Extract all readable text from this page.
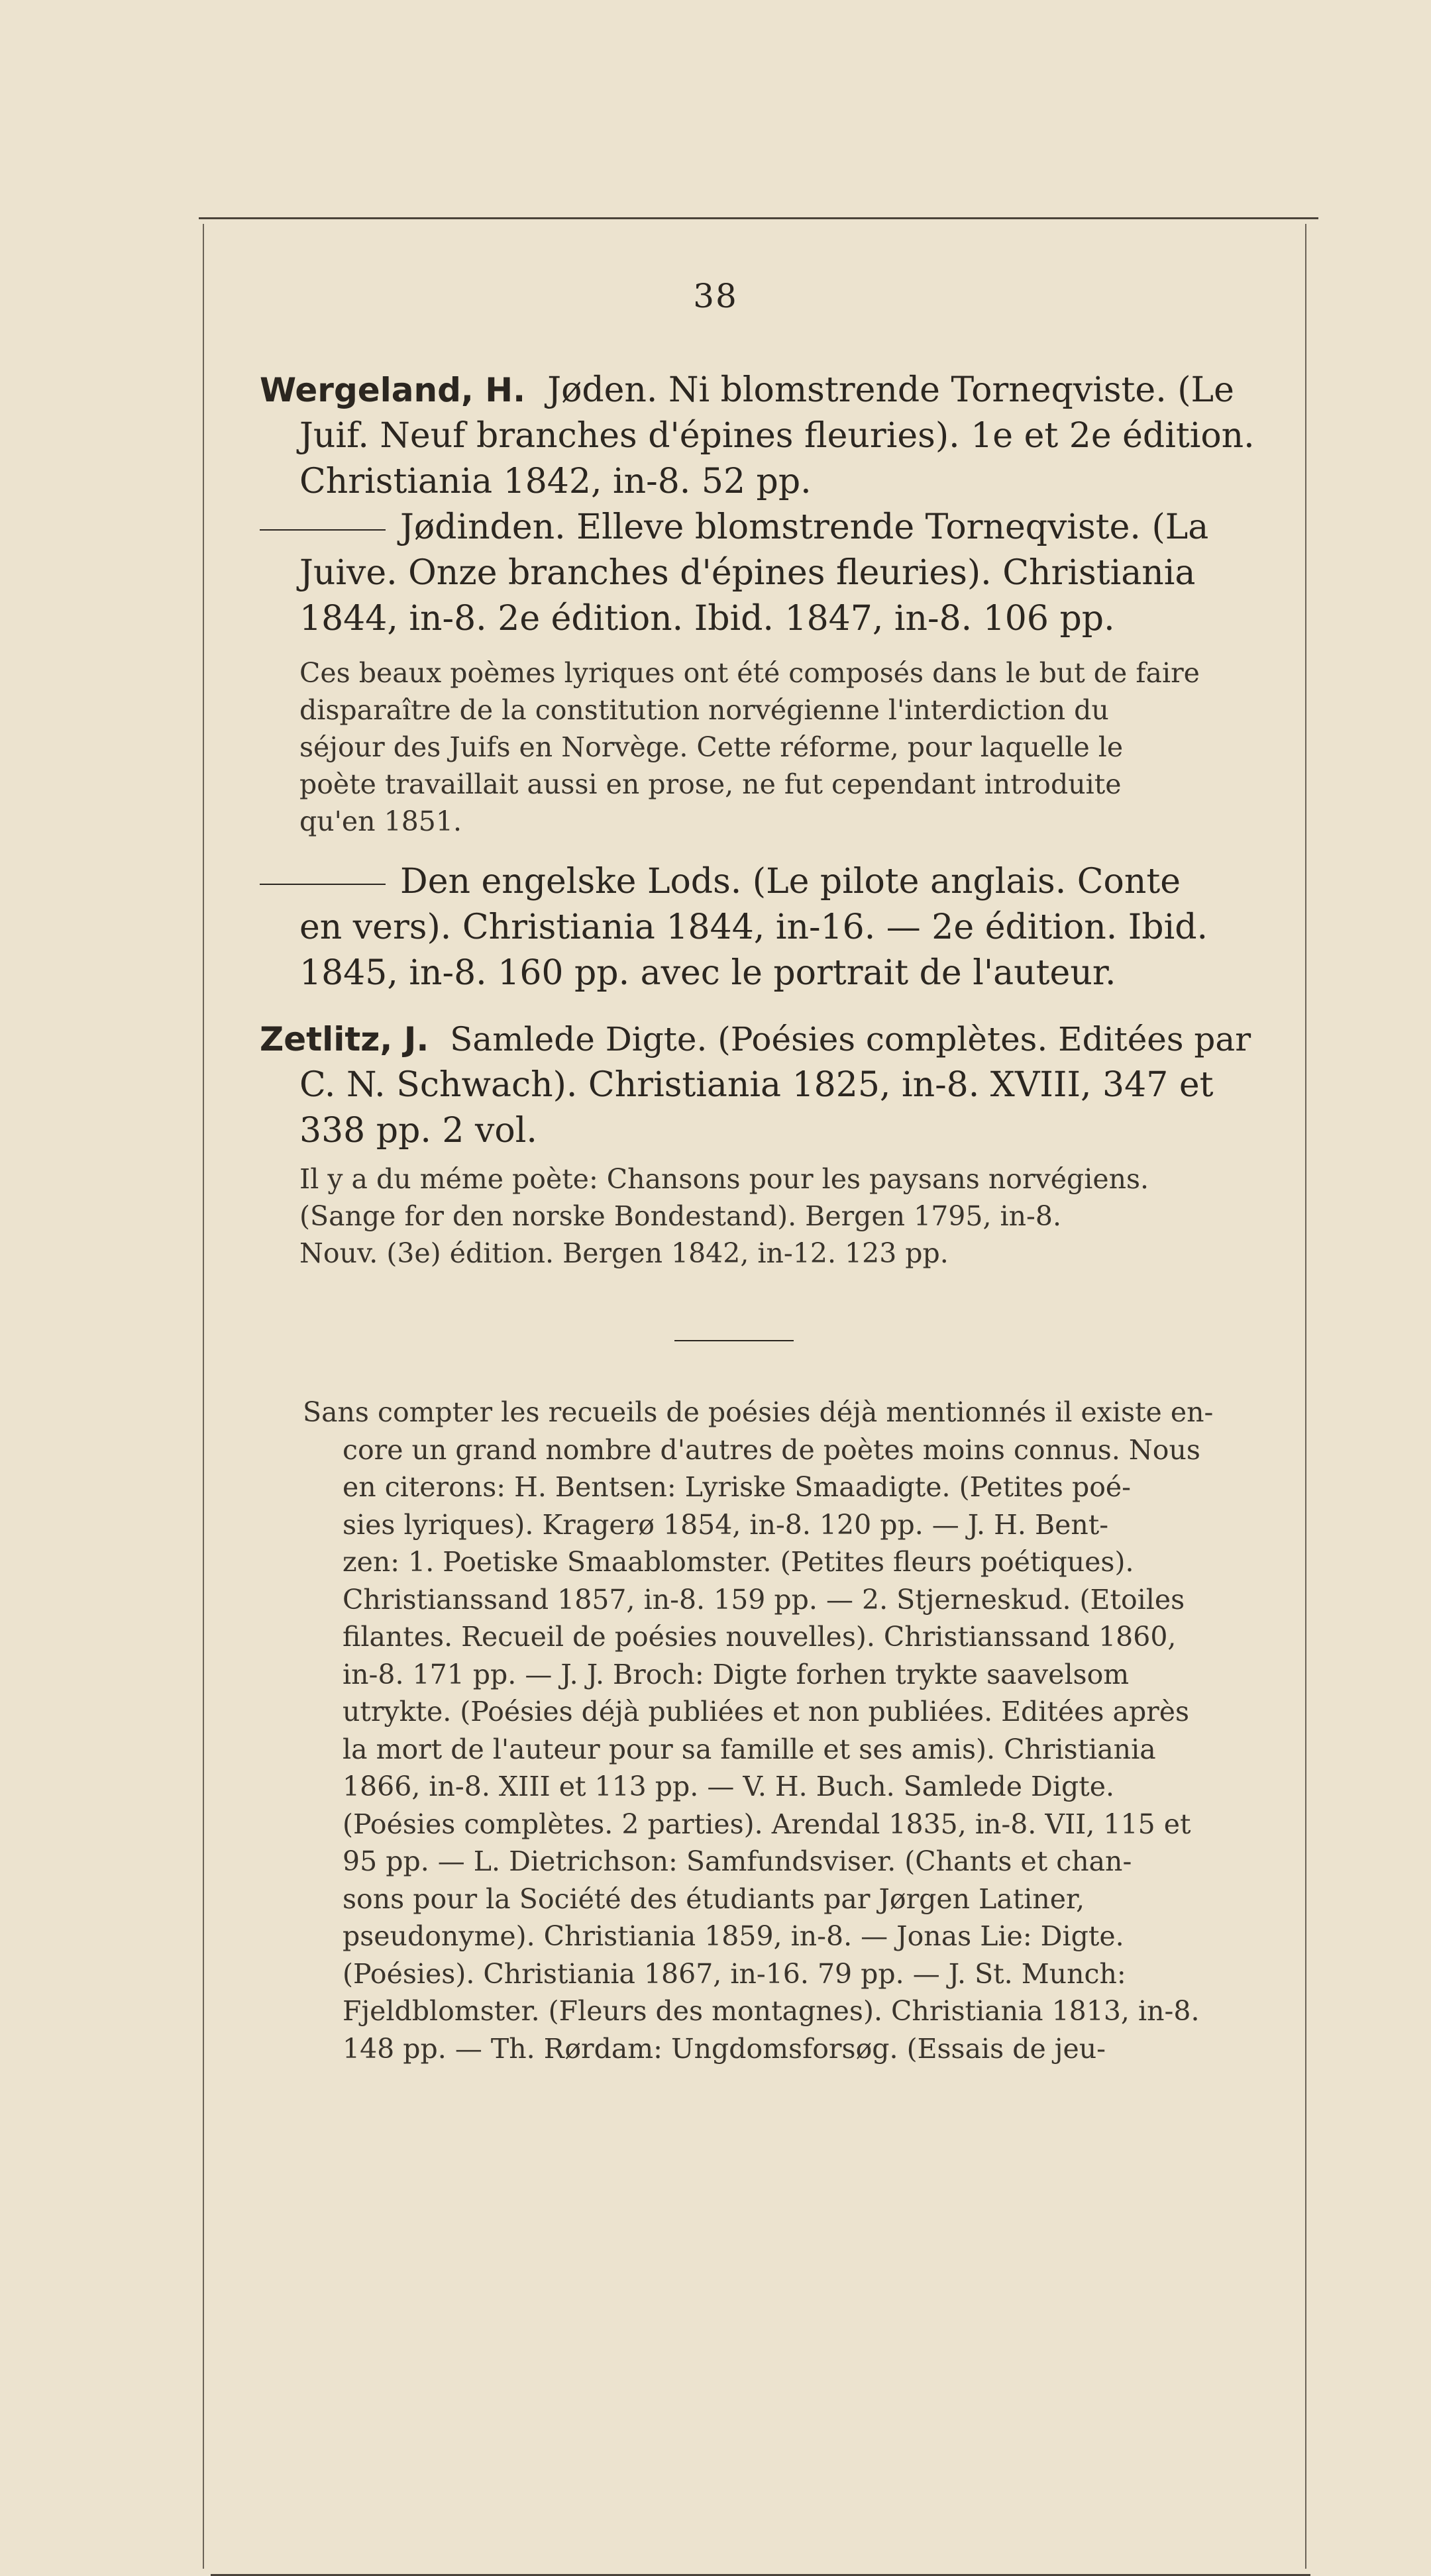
38
Wergeland, H. Jøden. Ni blomstrende Torneqviste. (Le
Juif. Neuf branches d'épines fleuries). 1e et 2e édition.
Christiania 1842, in-8. 52 pp.
Jødinden. Elleve blomstrende Torneqviste. (La
Juive. Onze branches d'épines fleuries). Christiania
1844, in-8. 2e édition. Ibid. 1847, in-8. 106 pp.
Ces beaux poèmes lyriques ont été composés dans le but de faire
disparaître de la constitution norvégienne l'interdiction du
séjour des Juifs en Norvège. Cette réforme, pour laquelle le
poète travaillait aussi en prose, ne fut cependant introduite
qu'en 1851.
Den engelske Lods. (Le pilote anglais. Conte
en vers). Christiania 1844, in-16. — 2e édition. Ibid.
1845, in-8. 160 pp. avec le portrait de l'auteur.
Zetlitz, J. Samlede Digte. (Poésies complètes. Editées par
C. N. Schwach). Christiania 1825, in-8. XVIII, 347 et
338 pp. 2 vol.
Il y a du méme poète: Chansons pour les paysans norvégiens.
(Sange for den norske Bondestand). Bergen 1795, in-8.
Nouv. (3e) édition. Bergen 1842, in-12. 123 pp.
Sans compter les recueils de poésies déjà mentionnés il existe en-
core un grand nombre d'autres de poètes moins connus. Nous
en citerons: H. Bentsen: Lyriske Smaadigte. (Petites poé-
sies lyriques). Kragerø 1854, in-8. 120 pp. — J. H. Bent-
zen: 1. Poetiske Smaablomster. (Petites fleurs poétiques).
Christianssand 1857, in-8. 159 pp. — 2. Stjerneskud. (Etoiles
filantes. Recueil de poésies nouvelles). Christianssand 1860,
in-8. 171 pp. — J. J. Broch: Digte forhen trykte saavelsom
utrykte. (Poésies déjà publiées et non publiées. Editées après
la mort de l'auteur pour sa famille et ses amis). Christiania
1866, in-8. XIII et 113 pp. — V. H. Buch. Samlede Digte.
(Poésies complètes. 2 parties). Arendal 1835, in-8. VII, 115 et
95 pp. — L. Dietrichson: Samfundsviser. (Chants et chan-
sons pour la Société des étudiants par Jørgen Latiner,
pseudonyme). Christiania 1859, in-8. — Jonas Lie: Digte.
(Poésies). Christiania 1867, in-16. 79 pp. — J. St. Munch:
Fjeldblomster. (Fleurs des montagnes). Christiania 1813, in-8.
148 pp. — Th. Rørdam: Ungdomsforsøg. (Essais de jeu-
